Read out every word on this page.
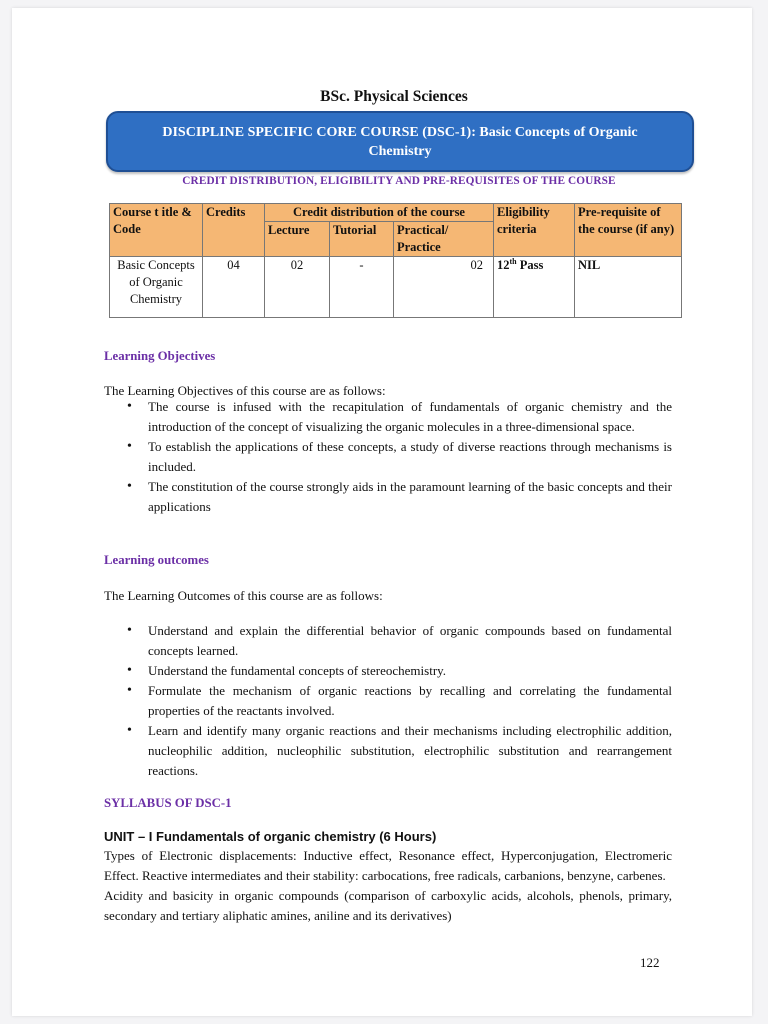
BSc. Physical Sciences
DISCIPLINE SPECIFIC CORE COURSE (DSC-1): Basic Concepts of Organic
Chemistry
CREDIT DISTRIBUTION, ELIGIBILITY AND PRE-REQUISITES OF THE COURSE
Course t itle & Code	Credits	Credit distribution of the course			Eligibility criteria	Pre-requisite of the course (if any)
		Lecture	Tutorial	Practical/ Practice		
Basic Concepts of Organic Chemistry	04	02	-	02	12th Pass	NIL
Learning Objectives
The Learning Objectives of this course are as follows:
• The course is infused with the recapitulation of fundamentals of organic chemistry and the introduction of the concept of visualizing the organic molecules in a three-dimensional space.
• To establish the applications of these concepts, a study of diverse reactions through mechanisms is included.
• The constitution of the course strongly aids in the paramount learning of the basic concepts and their applications
Learning outcomes
The Learning Outcomes of this course are as follows:
• Understand and explain the differential behavior of organic compounds based on fundamental concepts learned.
• Understand the fundamental concepts of stereochemistry.
• Formulate the mechanism of organic reactions by recalling and correlating the fundamental properties of the reactants involved.
• Learn and identify many organic reactions and their mechanisms including electrophilic addition, nucleophilic addition, nucleophilic substitution, electrophilic substitution and rearrangement reactions.
SYLLABUS OF DSC-1
UNIT – I Fundamentals of organic chemistry (6 Hours)

Types of Electronic displacements: Inductive effect, Resonance effect, Hyperconjugation, Electromeric Effect. Reactive intermediates and their stability: carbocations, free radicals, carbanions, benzyne, carbenes.

Acidity and basicity in organic compounds (comparison of carboxylic acids, alcohols, phenols, primary, secondary and tertiary aliphatic amines, aniline and its derivatives)

122
